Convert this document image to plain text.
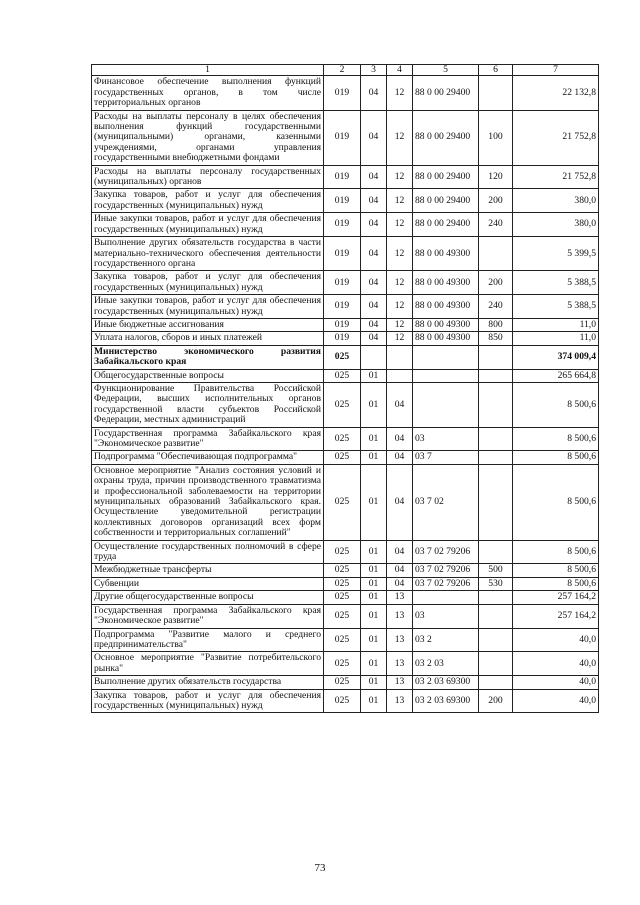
1	2	3	4	5	6	7
Финансовое обеспечение выполнения функций государственных органов, в том числе территориальных органов	019	04	12	88 0 00 29400		22 132,8
Расходы на выплаты персоналу в целях обеспечения выполнения функций государственными (муниципальными) органами, казенными учреждениями, органами управления государственными внебюджетными фондами	019	04	12	88 0 00 29400	100	21 752,8
Расходы на выплаты персоналу государственных (муниципальных) органов	019	04	12	88 0 00 29400	120	21 752,8
Закупка товаров, работ и услуг для обеспечения государственных (муниципальных) нужд	019	04	12	88 0 00 29400	200	380,0
Иные закупки товаров, работ и услуг для обеспечения государственных (муниципальных) нужд	019	04	12	88 0 00 29400	240	380,0
Выполнение других обязательств государства в части материально-технического обеспечения деятельности государственного органа	019	04	12	88 0 00 49300		5 399,5
Закупка товаров, работ и услуг для обеспечения государственных (муниципальных) нужд	019	04	12	88 0 00 49300	200	5 388,5
Иные закупки товаров, работ и услуг для обеспечения государственных (муниципальных) нужд	019	04	12	88 0 00 49300	240	5 388,5
Иные бюджетные ассигнования	019	04	12	88 0 00 49300	800	11,0
Уплата налогов, сборов и иных платежей	019	04	12	88 0 00 49300	850	11,0
Министерство экономического развития Забайкальского края	025					374 009,4
Общегосударственные вопросы	025	01				265 664,8
Функционирование Правительства Российской Федерации, высших исполнительных органов государственной власти субъектов Российской Федерации, местных администраций	025	01	04			8 500,6
Государственная программа Забайкальского края "Экономическое развитие"	025	01	04	03		8 500,6
Подпрограмма "Обеспечивающая подпрограмма"	025	01	04	03 7		8 500,6
Основное мероприятие "Анализ состояния условий и охраны труда, причин производственного травматизма и профессиональной заболеваемости на территории муниципальных образований Забайкальского края. Осуществление уведомительной регистрации коллективных договоров организаций всех форм собственности и территориальных соглашений"	025	01	04	03 7 02		8 500,6
Осуществление государственных полномочий в сфере труда	025	01	04	03 7 02 79206		8 500,6
Межбюджетные трансферты	025	01	04	03 7 02 79206	500	8 500,6
Субвенции	025	01	04	03 7 02 79206	530	8 500,6
Другие общегосударственные вопросы	025	01	13			257 164,2
Государственная программа Забайкальского края "Экономическое развитие"	025	01	13	03		257 164,2
Подпрограмма "Развитие малого и среднего предпринимательства"	025	01	13	03 2		40,0
Основное мероприятие "Развитие потребительского рынка"	025	01	13	03 2 03		40,0
Выполнение других обязательств государства	025	01	13	03 2 03 69300		40,0
Закупка товаров, работ и услуг для обеспечения государственных (муниципальных) нужд	025	01	13	03 2 03 69300	200	40,0
73
